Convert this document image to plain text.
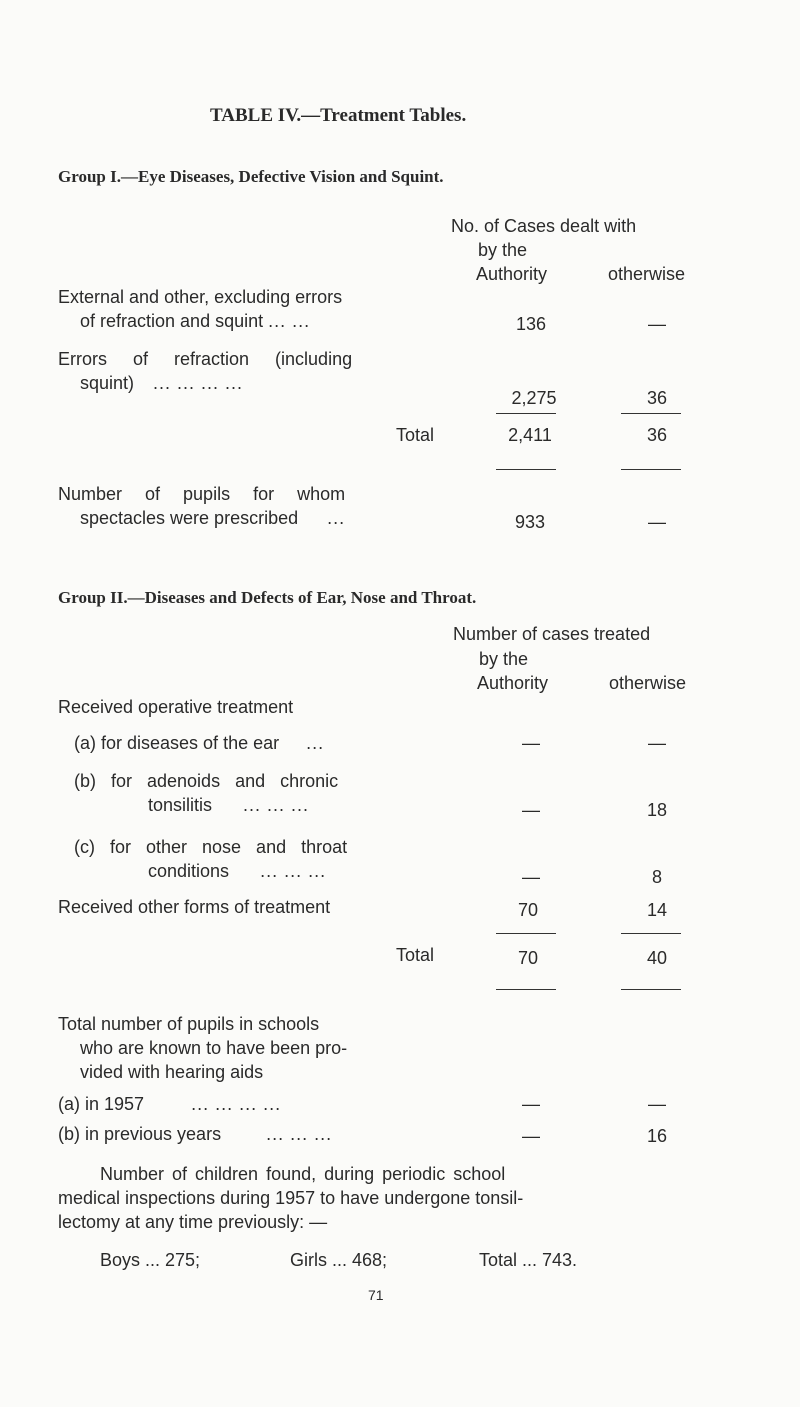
TABLE IV.—Treatment Tables.
Group I.—Eye Diseases, Defective Vision and Squint.
No. of Cases dealt with
by the
Authority	otherwise
External and other, excluding errors
of refraction and squint ... ...	136	—
Errors of refraction (including
squint) ... ... ... ...
2,275	36
Total	2,411	36
Number of pupils for whom
spectacles were prescribed ...	933	—
Group II.—Diseases and Defects of Ear, Nose and Throat.
Number of cases treated
by the
Authority	otherwise
Received operative treatment
(a) for diseases of the ear ...	—	—
(b) for adenoids and chronic
tonsilitis ... ... ...	—	18
(c) for other nose and throat
conditions ... ... ...	—	8
Received other forms of treatment	70	14
Total	70	40
Total number of pupils in schools
who are known to have been pro-
vided with hearing aids
(a) in 1957	... ... ... ...	—	—
(b) in previous years	... ... ...	—	16
Number of children found, during periodic school
medical inspections during 1957 to have undergone tonsil-
lectomy at any time previously: —
Boys ... 275;	Girls ... 468;	Total ... 743.
71
